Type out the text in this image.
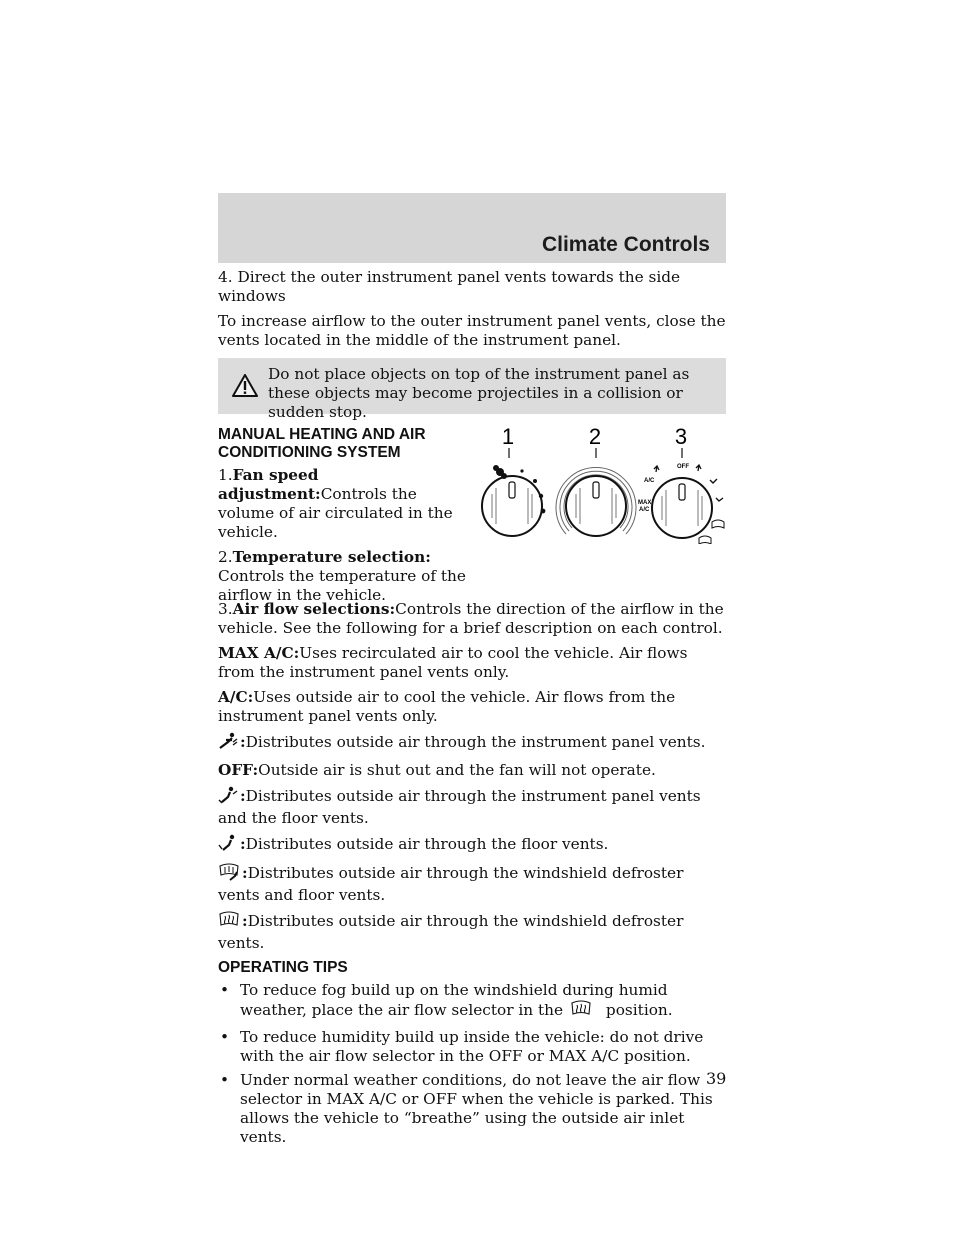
Climate Controls

4. Direct the outer instrument panel vents towards the side windows

To increase airflow to the outer instrument panel vents, close the vents located in the middle of the instrument panel.

Do not place objects on top of the instrument panel as these objects may become projectiles in a collision or sudden stop.
MANUAL HEATING AND AIR CONDITIONING SYSTEM

1.Fan speed adjustment:Controls the volume of air circulated in the vehicle.

2.Temperature selection:
Controls the temperature of the airflow in the vehicle.

1	2	3
OFF
A/C
MAX
A/C

3.Air flow selections:Controls the direction of the airflow in the vehicle. See the following for a brief description on each control.

MAX A/C:Uses recirculated air to cool the vehicle. Air flows from the instrument panel vents only.

A/C:Uses outside air to cool the vehicle. Air flows from the instrument panel vents only.

:Distributes outside air through the instrument panel vents.

OFF:Outside air is shut out and the fan will not operate.

:Distributes outside air through the instrument panel vents and the floor vents.

:Distributes outside air through the floor vents.

:Distributes outside air through the windshield defroster vents and floor vents.

:Distributes outside air through the windshield defroster vents.

OPERATING TIPS
• To reduce fog build up on the windshield during humid weather, place the air flow selector in the	position.
• To reduce humidity build up inside the vehicle: do not drive with the air flow selector in the OFF or MAX A/C position.
• Under normal weather conditions, do not leave the air flow selector in MAX A/C or OFF when the vehicle is parked. This allows the vehicle to “breathe” using the outside air inlet vents.
39
